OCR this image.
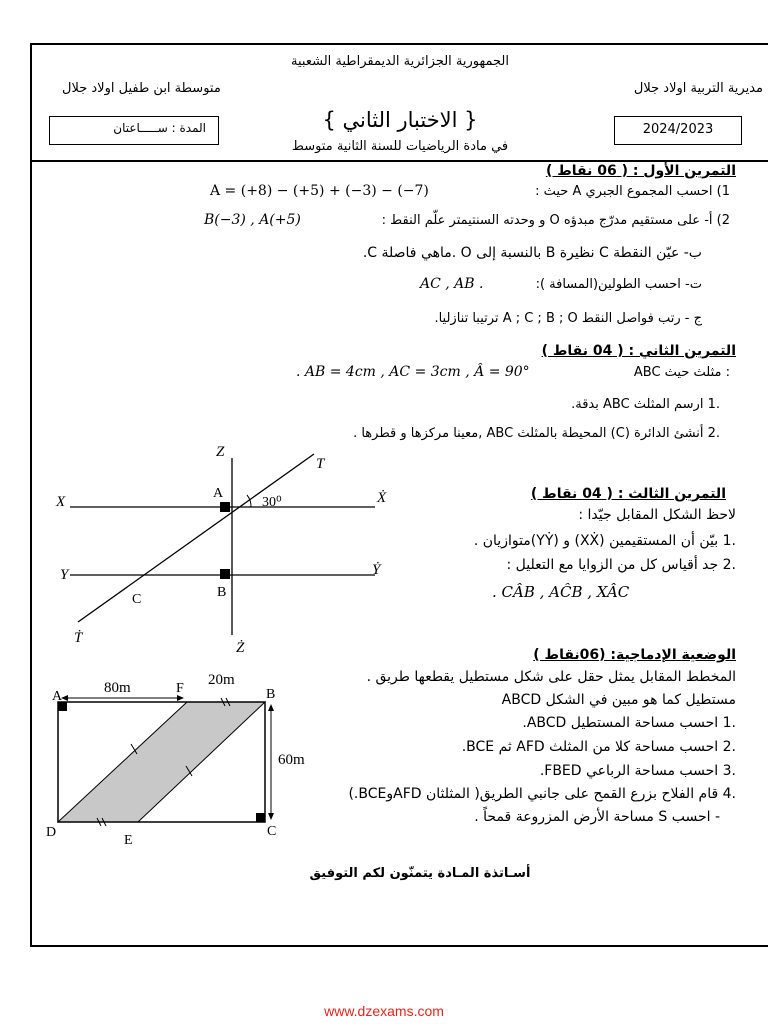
الجمهورية الجزائرية الديمقراطية الشعبية
مديرية التربية اولاد جلال
متوسطة ابن طفيل اولاد جلال
2024/2023
المدة : ســـــاعتان	{ الاختبار الثاني }
في مادة الرياضيات للسنة الثانية متوسط
التمرين الأول : ( 06 نقاط )
1) احسب المجموع الجبري A حيث :
A = (+8) − (+5) + (−3) − (−7)
2) أ- على مستقيم مدرّج مبدؤه O و وحدته السنتيمتر علّم النقط :
B(−3) , A(+5)
ب- عيّن النقطة C نظيرة B بالنسبة إلى O .ماهي فاصلة C.
ت- احسب الطولين(المسافة ):
AC , AB .
ج - رتب فواصل النقط A ; C ; B ; O ترتيبا تنازليا.
التمرين الثاني : ( 04 نقاط )
ABC مثلث حيث :
. AB = 4cm , AC = 3cm , Â = 90°
.1 ارسم المثلث ABC بدقة.
.2 أنشئ الدائرة (C) المحيطة بالمثلث ABC ,معينا مركزها و قطرها .
التمرين الثالث : ( 04 نقاط )
لاحظ الشكل المقابل جيّدا :
.1 بيّن أن المستقيمين (XẊ) و (YẎ)متوازيان .
.2 جد أقياس كل من الزوايا مع التعليل :
. CÂB , AĈB , XÂC
30⁰
X	Ẋ
Y	Ẏ
Z
Ż
T
Ṫ
A
B
C
الوضعية الإدماجية: (06نقاط )
المخطط المقابل يمثل حقل على شكل مستطيل يقطعها طريق .
ABCD مستطيل كما هو مبين في الشكل
.1 احسب مساحة المستطيل ABCD.
.2 احسب مساحة كلا من المثلث AFD ثم BCE.
.3 احسب مساحة الرباعي FBED.
.4 قام الفلاح بزرع القمح على جانبي الطريق( المثلثان AFDوBCE.)
- احسب S مساحة الأرض المزروعة قمحاً .
80m	20m
60m
A
F	B
C
D
E
أسـاتذة المـادة يتمنّون لكم التوفيق
www.dzexams.com
